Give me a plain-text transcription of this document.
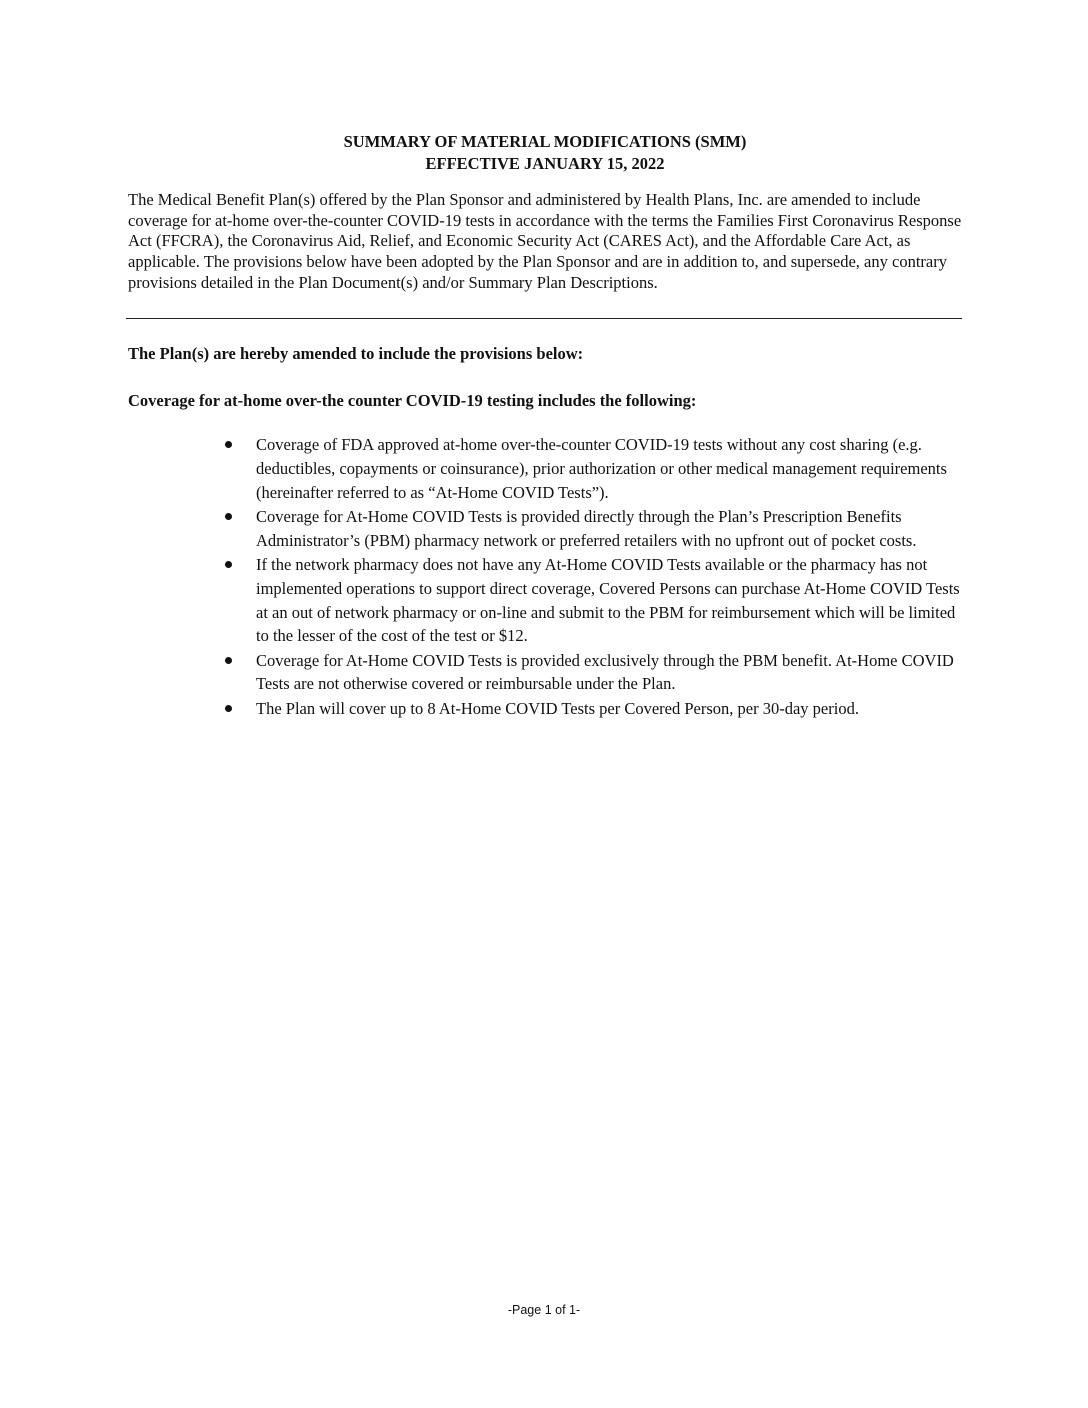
SUMMARY OF MATERIAL MODIFICATIONS (SMM)
EFFECTIVE JANUARY 15, 2022

The Medical Benefit Plan(s) offered by the Plan Sponsor and administered by Health Plans, Inc. are amended to include coverage for at-home over-the-counter COVID-19 tests in accordance with the terms the Families First Coronavirus Response Act (FFCRA), the Coronavirus Aid, Relief, and Economic Security Act (CARES Act), and the Affordable Care Act, as applicable. The provisions below have been adopted by the Plan Sponsor and are in addition to, and supersede, any contrary provisions detailed in the Plan Document(s) and/or Summary Plan Descriptions.

The Plan(s) are hereby amended to include the provisions below:

Coverage for at-home over-the counter COVID-19 testing includes the following:

Coverage of FDA approved at-home over-the-counter COVID-19 tests without any cost sharing (e.g. deductibles, copayments or coinsurance), prior authorization or other medical management requirements (hereinafter referred to as “At-Home COVID Tests”).
Coverage for At-Home COVID Tests is provided directly through the Plan’s Prescription Benefits Administrator’s (PBM) pharmacy network or preferred retailers with no upfront out of pocket costs.
If the network pharmacy does not have any At-Home COVID Tests available or the pharmacy has not implemented operations to support direct coverage, Covered Persons can purchase At-Home COVID Tests at an out of network pharmacy or on-line and submit to the PBM for reimbursement which will be limited to the lesser of the cost of the test or $12.
Coverage for At-Home COVID Tests is provided exclusively through the PBM benefit. At-Home COVID Tests are not otherwise covered or reimbursable under the Plan.
The Plan will cover up to 8 At-Home COVID Tests per Covered Person, per 30-day period.
-Page 1 of 1-
